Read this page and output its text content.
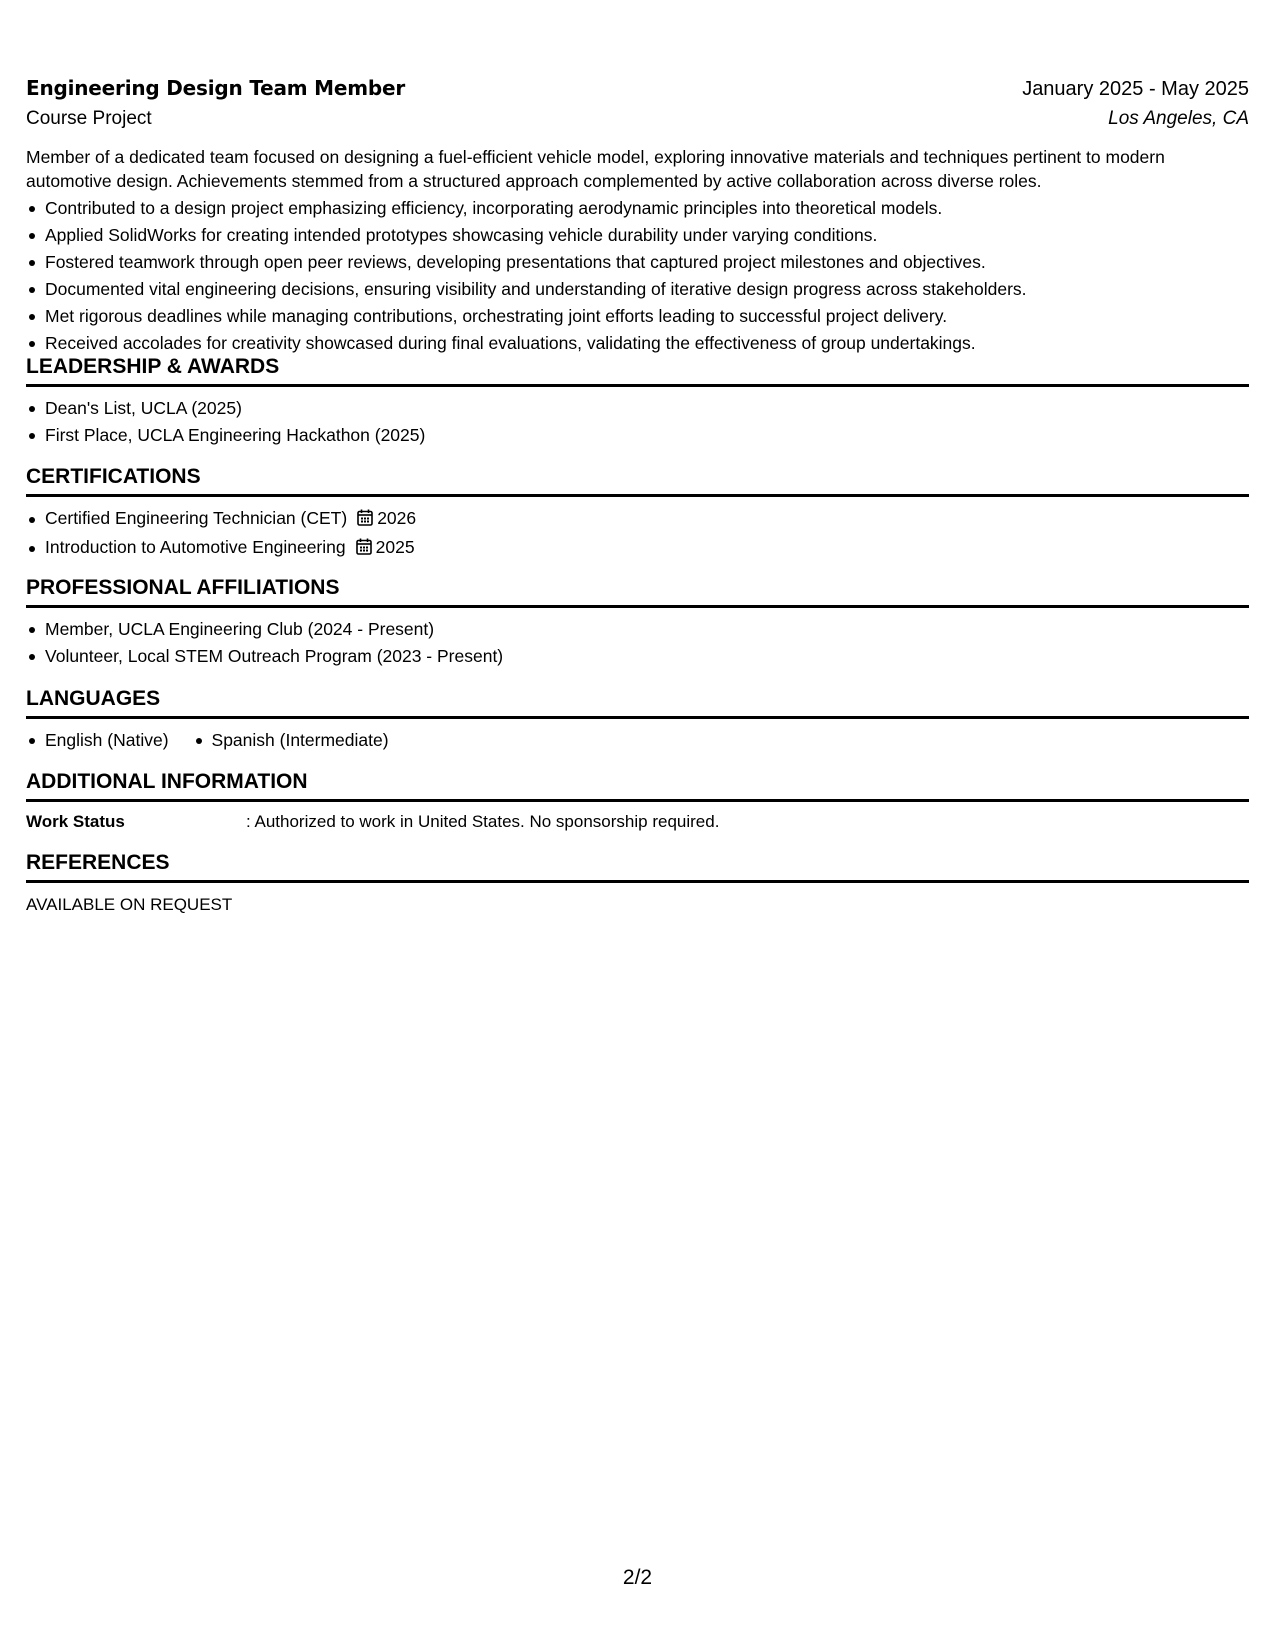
Engineering Design Team Member	January 2025 - May 2025
Course Project	Los Angeles, CA

Member of a dedicated team focused on designing a fuel-efficient vehicle model, exploring innovative materials and techniques pertinent to modern automotive design. Achievements stemmed from a structured approach complemented by active collaboration across diverse roles.

Contributed to a design project emphasizing efficiency, incorporating aerodynamic principles into theoretical models.
Applied SolidWorks for creating intended prototypes showcasing vehicle durability under varying conditions.
Fostered teamwork through open peer reviews, developing presentations that captured project milestones and objectives.
Documented vital engineering decisions, ensuring visibility and understanding of iterative design progress across stakeholders.
Met rigorous deadlines while managing contributions, orchestrating joint efforts leading to successful project delivery.
Received accolades for creativity showcased during final evaluations, validating the effectiveness of group undertakings.
LEADERSHIP & AWARDS
Dean's List, UCLA (2025)
First Place, UCLA Engineering Hackathon (2025)
CERTIFICATIONS
Certified Engineering Technician (CET) 2026
Introduction to Automotive Engineering 2025
PROFESSIONAL AFFILIATIONS
Member, UCLA Engineering Club (2024 - Present)
Volunteer, Local STEM Outreach Program (2023 - Present)
LANGUAGES
English (Native)	Spanish (Intermediate)
ADDITIONAL INFORMATION
Work Status	: Authorized to work in United States. No sponsorship required.
REFERENCES
AVAILABLE ON REQUEST
2/2
